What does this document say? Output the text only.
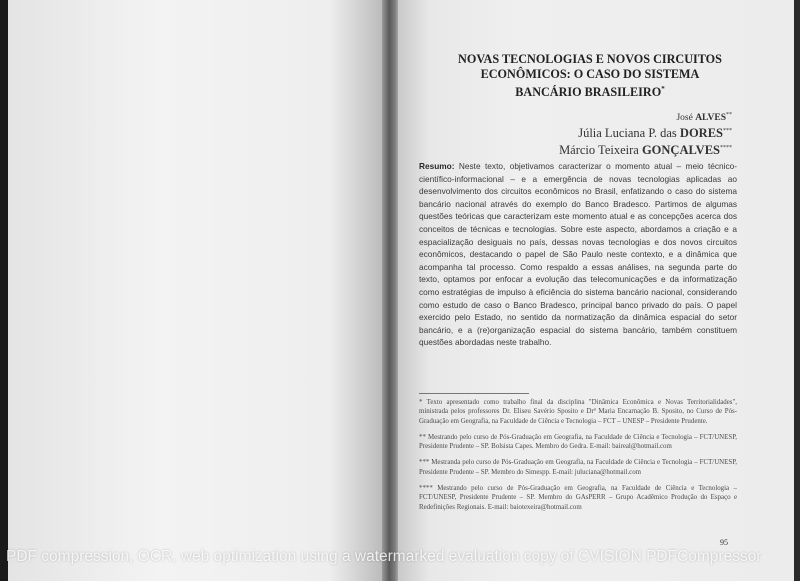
NOVAS TECNOLOGIAS E NOVOS CIRCUITOS
ECONÔMICOS: O CASO DO SISTEMA
BANCÁRIO BRASILEIRO*
José ALVES**
Júlia Luciana P. das DORES***
Márcio Teixeira GONÇALVES****
Resumo: Neste texto, objetivamos caracterizar o momento atual – meio técnico-científico-informacional – e a emergência de novas tecnologias aplicadas ao desenvolvimento dos circuitos econômicos no Brasil, enfatizando o caso do sistema bancário nacional através do exemplo do Banco Bradesco. Partimos de algumas questões teóricas que caracterizam este momento atual e as concepções acerca dos conceitos de técnicas e tecnologias. Sobre este aspecto, abordamos a criação e a espacialização desiguais no país, dessas novas tecnologias e dos novos circuitos econômicos, destacando o papel de São Paulo neste contexto, e a dinâmica que acompanha tal processo. Como respaldo a essas análises, na segunda parte do texto, optamos por enfocar a evolução das telecomunicações e da informatização como estratégias de impulso à eficiência do sistema bancário nacional, considerando como estudo de caso o Banco Bradesco, principal banco privado do país. O papel exercido pelo Estado, no sentido da normatização da dinâmica espacial do setor bancário, e a (re)organização espacial do sistema bancário, também constituem questões abordadas neste trabalho.

* Texto apresentado como trabalho final da disciplina "Dinâmica Econômica e Novas Territorialidades", ministrada pelos professores Dr. Eliseu Savério Sposito e Drª Maria Encarnação B. Sposito, no Curso de Pós-Graduação em Geografia, na Faculdade de Ciência e Tecnologia – FCT – UNESP – Presidente Prudente.

** Mestrando pelo curso de Pós-Graduação em Geografia, na Faculdade de Ciência e Tecnologia – FCT/UNESP, Presidente Prudente – SP. Bolsista Capes. Membro do Gedra. E-mail: baireal@hotmail.com

*** Mestranda pelo curso de Pós-Graduação em Geografia, na Faculdade de Ciência e Tecnologia – FCT/UNESP, Presidente Prudente – SP. Membro do Simespp. E-mail: juluciana@hotmail.com

**** Mestrando pelo curso de Pós-Graduação em Geografia, na Faculdade de Ciência e Tecnologia – FCT/UNESP, Presidente Prudente – SP. Membro do GAsPERR – Grupo Acadêmico Produção do Espaço e Redefinições Regionais. E-mail: baiotexeira@hotmail.com

95
PDF compression, OCR, web optimization using a watermarked evaluation copy of CVISION PDFCompressor
